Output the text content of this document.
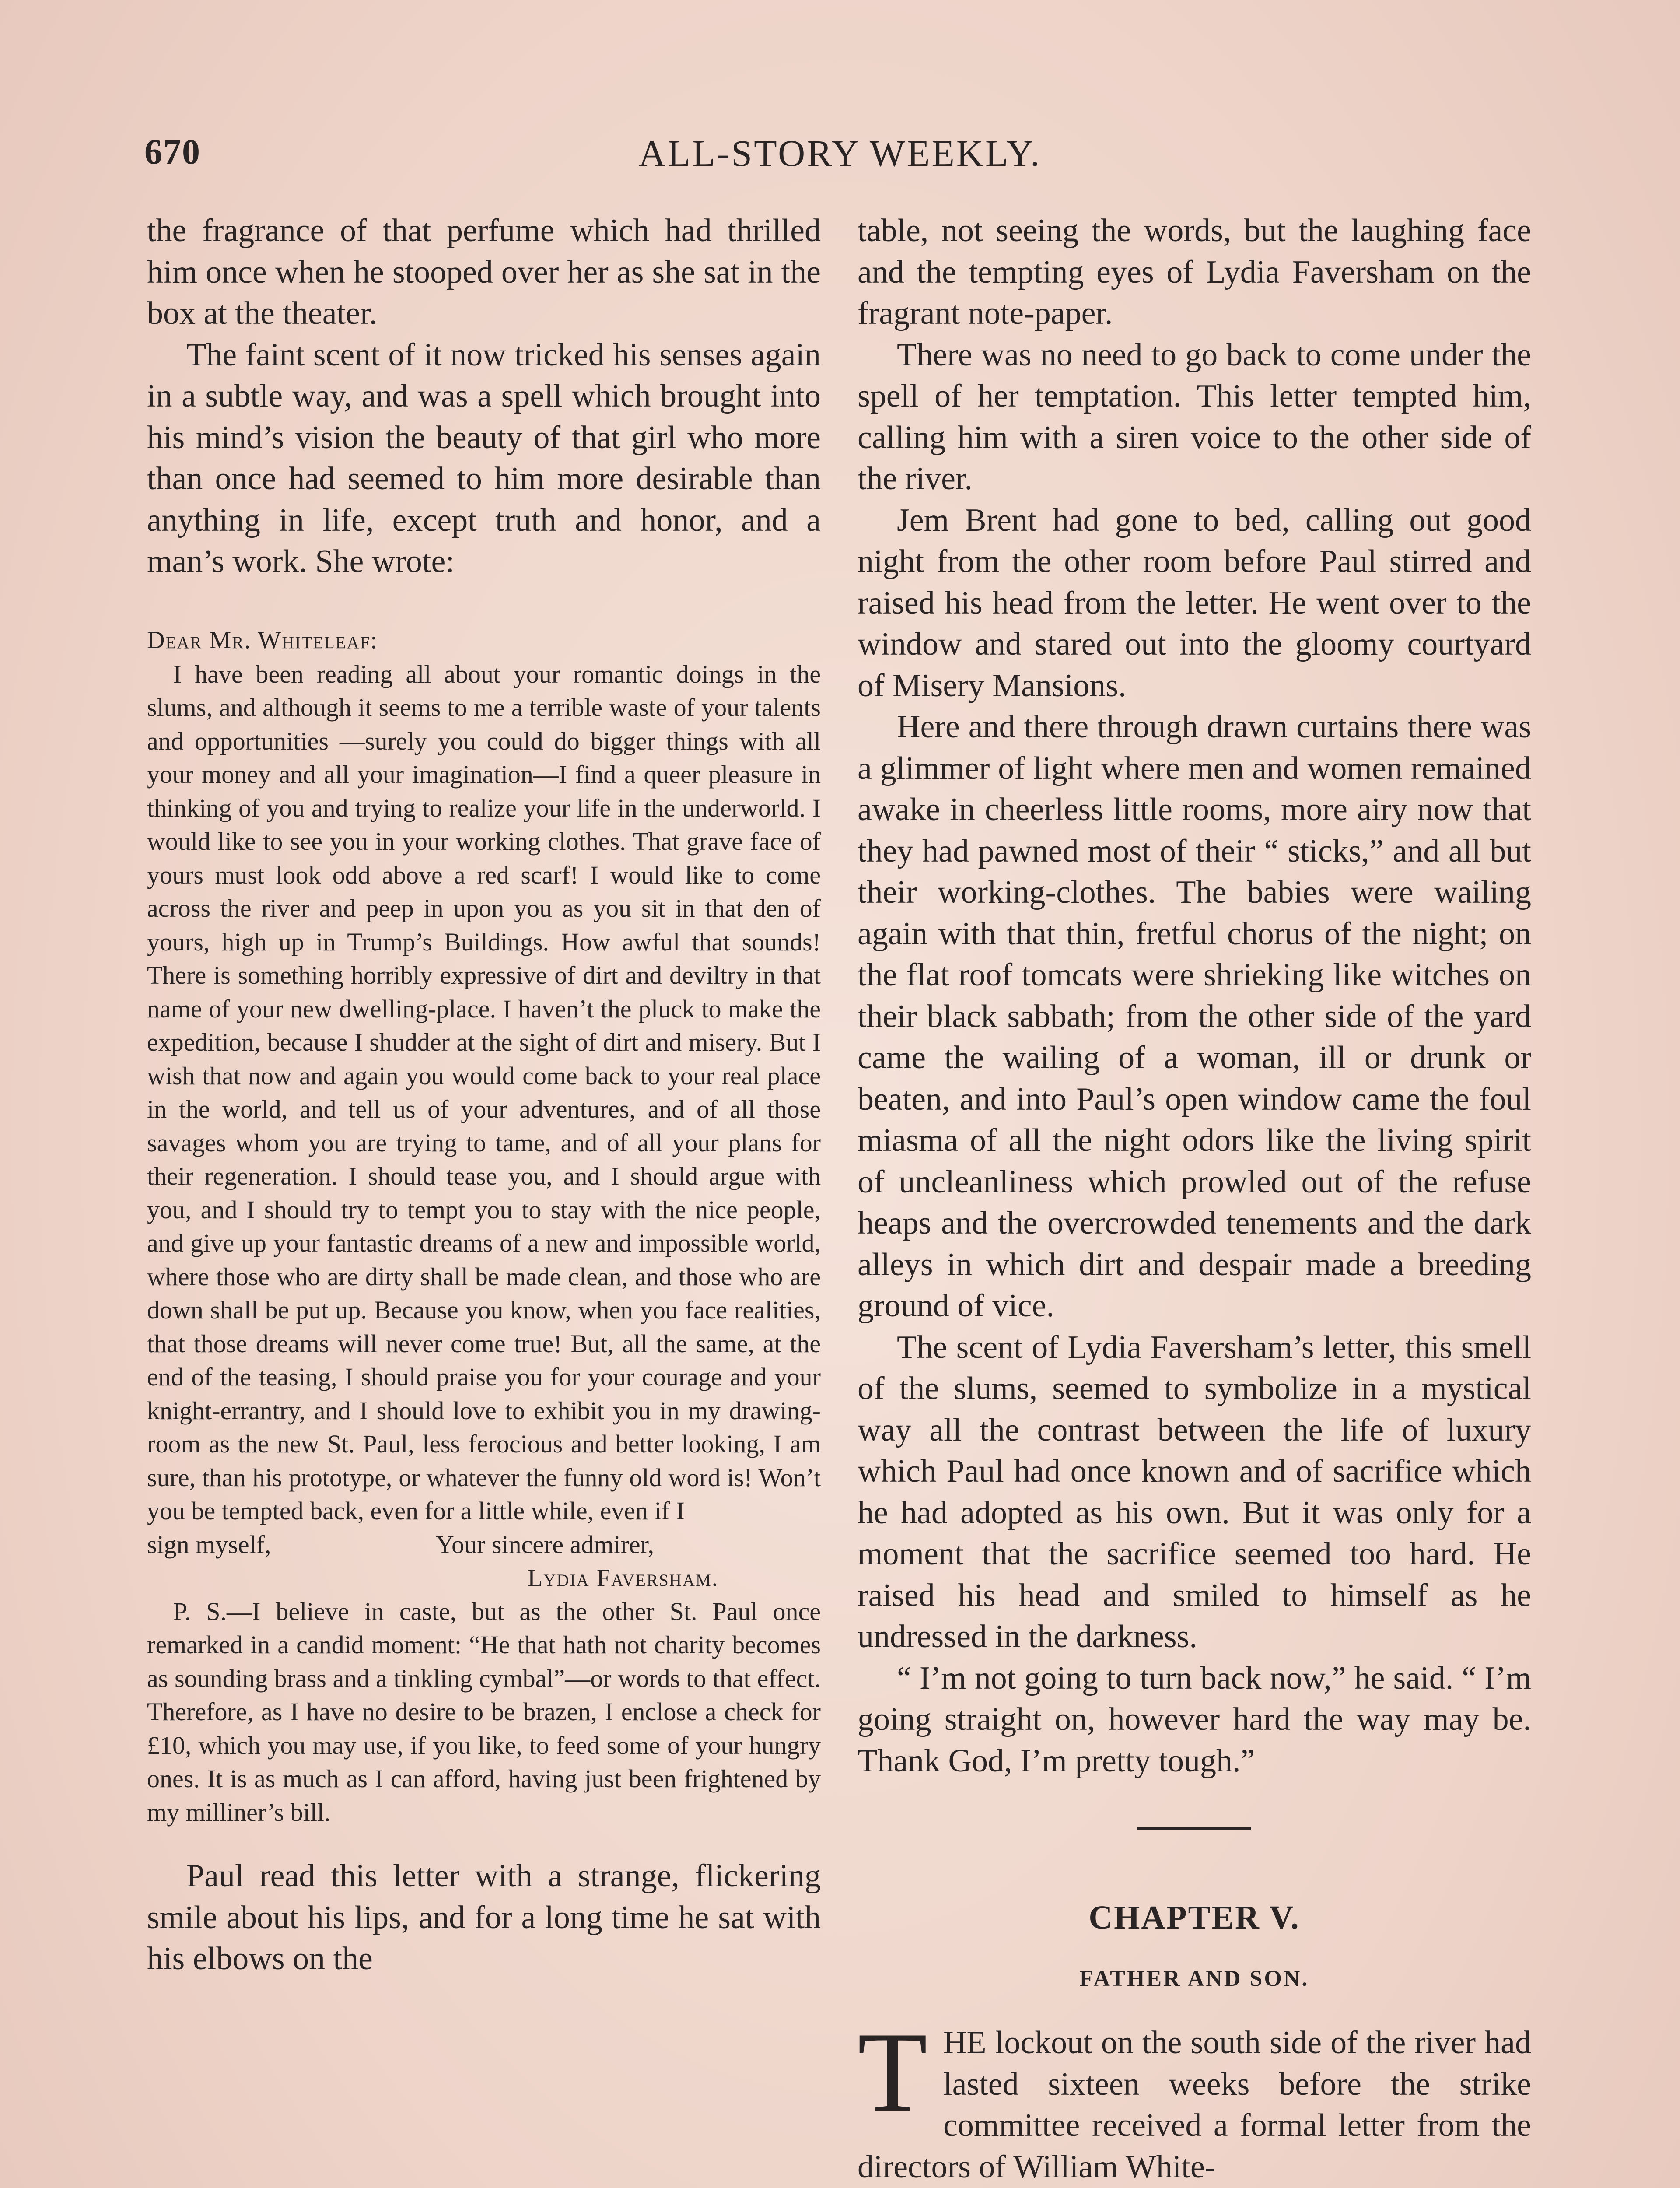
670	ALL-STORY WEEKLY.

the fragrance of that perfume which had thrilled him once when he stooped over her as she sat in the box at the theater.

The faint scent of it now tricked his senses again in a subtle way, and was a spell which brought into his mind’s vision the beauty of that girl who more than once had seemed to him more desirable than anything in life, except truth and honor, and a man’s work. She wrote:

Dear Mr. Whiteleaf:

I have been reading all about your romantic doings in the slums, and although it seems to me a terrible waste of your talents and opportunities —surely you could do bigger things with all your money and all your imagination—I find a queer pleasure in thinking of you and trying to realize your life in the underworld. I would like to see you in your working clothes. That grave face of yours must look odd above a red scarf! I would like to come across the river and peep in upon you as you sit in that den of yours, high up in Trump’s Buildings. How awful that sounds! There is something horribly expressive of dirt and deviltry in that name of your new dwelling-place. I haven’t the pluck to make the expedition, because I shudder at the sight of dirt and misery. But I wish that now and again you would come back to your real place in the world, and tell us of your adventures, and of all those savages whom you are trying to tame, and of all your plans for their regeneration. I should tease you, and I should argue with you, and I should try to tempt you to stay with the nice people, and give up your fantastic dreams of a new and impossible world, where those who are dirty shall be made clean, and those who are down shall be put up. Because you know, when you face realities, that those dreams will never come true! But, all the same, at the end of the teasing, I should praise you for your courage and your knight-errantry, and I should love to exhibit you in my drawing-room as the new St. Paul, less ferocious and better looking, I am sure, than his prototype, or whatever the funny old word is! Won’t you be tempted back, even for a little while, even if I

sign myself,	Your sincere admirer,

Lydia Faversham.

P. S.—I believe in caste, but as the other St. Paul once remarked in a candid moment: “He that hath not charity becomes as sounding brass and a tinkling cymbal”—or words to that effect. Therefore, as I have no desire to be brazen, I enclose a check for £10, which you may use, if you like, to feed some of your hungry ones. It is as much as I can afford, having just been frightened by my milliner’s bill.

Paul read this letter with a strange, flickering smile about his lips, and for a long time he sat with his elbows on the

table, not seeing the words, but the laughing face and the tempting eyes of Lydia Faversham on the fragrant note-paper.

There was no need to go back to come under the spell of her temptation. This letter tempted him, calling him with a siren voice to the other side of the river.

Jem Brent had gone to bed, calling out good night from the other room before Paul stirred and raised his head from the letter. He went over to the window and stared out into the gloomy courtyard of Misery Mansions.

Here and there through drawn curtains there was a glimmer of light where men and women remained awake in cheerless little rooms, more airy now that they had pawned most of their “ sticks,” and all but their working-clothes. The babies were wailing again with that thin, fretful chorus of the night; on the flat roof tomcats were shrieking like witches on their black sabbath; from the other side of the yard came the wailing of a woman, ill or drunk or beaten, and into Paul’s open window came the foul miasma of all the night odors like the living spirit of uncleanliness which prowled out of the refuse heaps and the overcrowded tenements and the dark alleys in which dirt and despair made a breeding ground of vice.

The scent of Lydia Faversham’s letter, this smell of the slums, seemed to symbolize in a mystical way all the contrast between the life of luxury which Paul had once known and of sacrifice which he had adopted as his own. But it was only for a moment that the sacrifice seemed too hard. He raised his head and smiled to himself as he undressed in the darkness.

“ I’m not going to turn back now,” he said. “ I’m going straight on, however hard the way may be. Thank God, I’m pretty tough.”

CHAPTER V.
FATHER AND SON.

T HE lockout on the south side of the river had lasted sixteen weeks before the strike committee received a formal letter from the directors of William White-
